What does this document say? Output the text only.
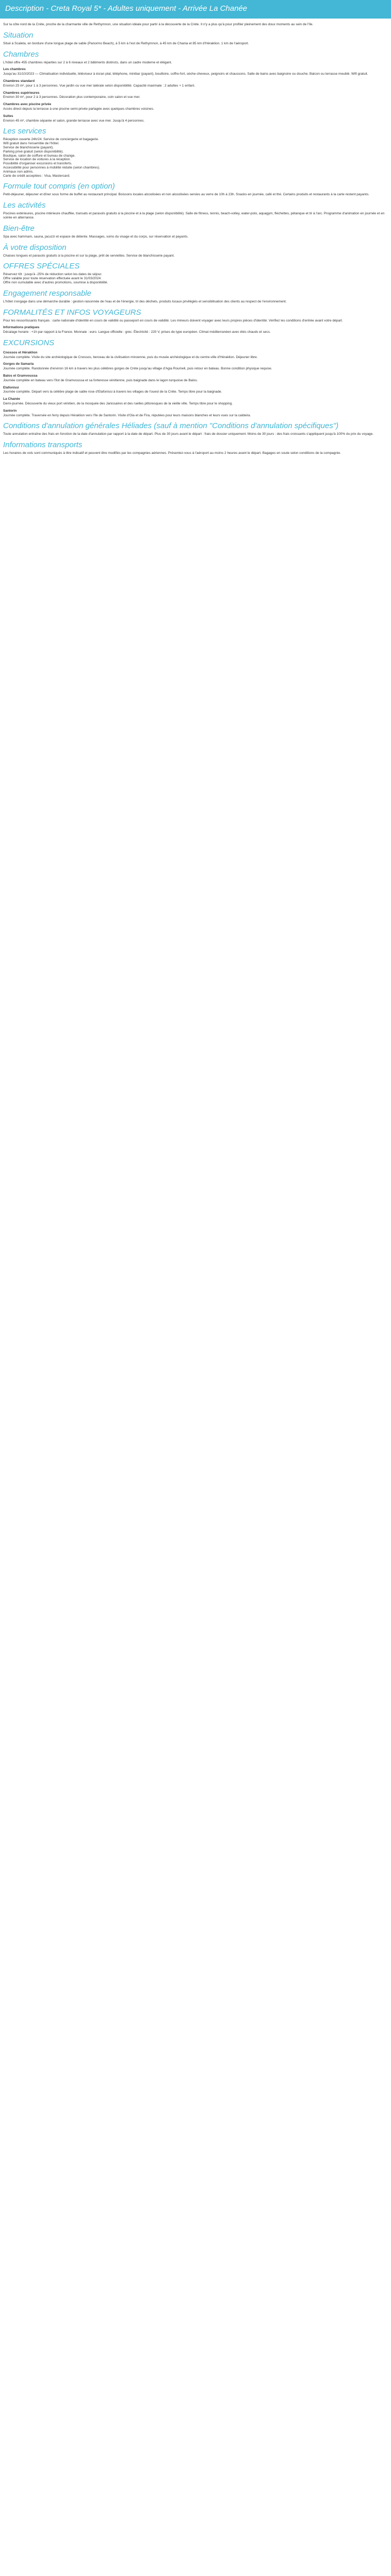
Description - Creta Royal 5* - Adultes uniquement - Arrivée La Chanée

Sur la côte nord de la Crète, proche de la charmante ville de Rethymnon, une situation idéale pour partir à la découverte de la Crète. Il n'y a plus qu'à pour profiter pleinement des doux moments au sein de l'île.

Situation

Situé à Scaleta, en bordure d'une longue plage de sable (Panormo Beach), à 5 km à l'est de Rethymnon, à 45 km de Chania et 85 km d'Héraklion. 1 km de l'aéroport.

Chambres

L'hôtel offre 455 chambres réparties sur 2 à 6 niveaux et 2 bâtiments distincts, dans un cadre moderne et élégant.

Les chambres

Jusqu'au 31/10/2023 — Climatisation individuelle, téléviseur à écran plat, téléphone, minibar (payant), bouilloire, coffre-fort, sèche-cheveux, peignoirs et chaussons. Salle de bains avec baignoire ou douche. Balcon ou terrasse meublé. Wifi gratuit.

Chambres standard

Environ 25 m², pour 1 à 3 personnes. Vue jardin ou vue mer latérale selon disponibilité. Capacité maximale : 2 adultes + 1 enfant.

Chambres supérieures

Environ 30 m², pour 2 à 3 personnes. Décoration plus contemporaine, coin salon et vue mer.

Chambres avec piscine privée

Accès direct depuis la terrasse à une piscine semi-privée partagée avec quelques chambres voisines.

Suites

Environ 45 m², chambre séparée et salon, grande terrasse avec vue mer. Jusqu'à 4 personnes.

Les services

Réception ouverte 24h/24. Service de conciergerie et bagagerie.

Wifi gratuit dans l'ensemble de l'hôtel.

Service de blanchisserie (payant).

Parking privé gratuit (selon disponibilité).

Boutique, salon de coiffure et bureau de change.

Service de location de voitures à la réception.

Possibilité d'organiser excursions et transferts.

Accessibilité pour personnes à mobilité réduite (selon chambres).

Animaux non admis.

Carte de crédit acceptées : Visa, Mastercard.

Formule tout compris (en option)

Petit-déjeuner, déjeuner et dîner sous forme de buffet au restaurant principal. Boissons locales alcoolisées et non alcoolisées servies au verre de 10h à 23h. Snacks en journée, café et thé. Certains produits et restaurants à la carte restent payants.

Les activités

Piscines extérieures, piscine intérieure chauffée, transats et parasols gratuits à la piscine et à la plage (selon disponibilité). Salle de fitness, tennis, beach-volley, water-polo, aquagym, fléchettes, pétanque et tir à l'arc. Programme d'animation en journée et en soirée en alternance.

Bien-être

Spa avec hammam, sauna, jacuzzi et espace de détente. Massages, soins du visage et du corps, sur réservation et payants.

À votre disposition

Chaises longues et parasols gratuits à la piscine et sur la plage, prêt de serviettes. Service de blanchisserie payant.

OFFRES SPÉCIALES

Réservez tôt : jusqu'à -25% de réduction selon les dates de séjour.

Offre valable pour toute réservation effectuée avant le 31/03/2024.

Offre non cumulable avec d'autres promotions, soumise à disponibilité.

Engagement responsable

L'hôtel s'engage dans une démarche durable : gestion raisonnée de l'eau et de l'énergie, tri des déchets, produits locaux privilégiés et sensibilisation des clients au respect de l'environnement.

FORMALITÉS ET INFOS VOYAGEURS

Pour les ressortissants français : carte nationale d'identité en cours de validité ou passeport en cours de validité. Les mineurs doivent voyager avec leurs propres pièces d'identité. Vérifiez les conditions d'entrée avant votre départ.

Informations pratiques

Décalage horaire : +1h par rapport à la France. Monnaie : euro. Langue officielle : grec. Électricité : 220 V, prises de type européen. Climat méditerranéen avec étés chauds et secs.

EXCURSIONS
Cnossos et Héraklion

Journée complète. Visite du site archéologique de Cnossos, berceau de la civilisation minoenne, puis du musée archéologique et du centre-ville d'Héraklion. Déjeuner libre.

Gorges de Samaria

Journée complète. Randonnée d'environ 16 km à travers les plus célèbres gorges de Crète jusqu'au village d'Agia Roumeli, puis retour en bateau. Bonne condition physique requise.

Balos et Gramvoussa

Journée complète en bateau vers l'îlot de Gramvoussa et sa forteresse vénitienne, puis baignade dans le lagon turquoise de Balos.

Elafonissi

Journée complète. Départ vers la célèbre plage de sable rose d'Elafonissi à travers les villages de l'ouest de la Crète. Temps libre pour la baignade.

La Chanée

Demi-journée. Découverte du vieux port vénitien, de la mosquée des Janissaires et des ruelles pittoresques de la vieille ville. Temps libre pour le shopping.

Santorin

Journée complète. Traversée en ferry depuis Héraklion vers l'île de Santorin. Visite d'Oia et de Fira, réputées pour leurs maisons blanches et leurs vues sur la caldeira.

Conditions d'annulation générales Héliades (sauf à mention "Conditions d'annulation spécifiques")

Toute annulation entraîne des frais en fonction de la date d'annulation par rapport à la date de départ. Plus de 30 jours avant le départ : frais de dossier uniquement. Moins de 30 jours : des frais croissants s'appliquent jusqu'à 100% du prix du voyage.

Informations transports

Les horaires de vols sont communiqués à titre indicatif et peuvent être modifiés par les compagnies aériennes. Présentez-vous à l'aéroport au moins 2 heures avant le départ. Bagages en soute selon conditions de la compagnie.
